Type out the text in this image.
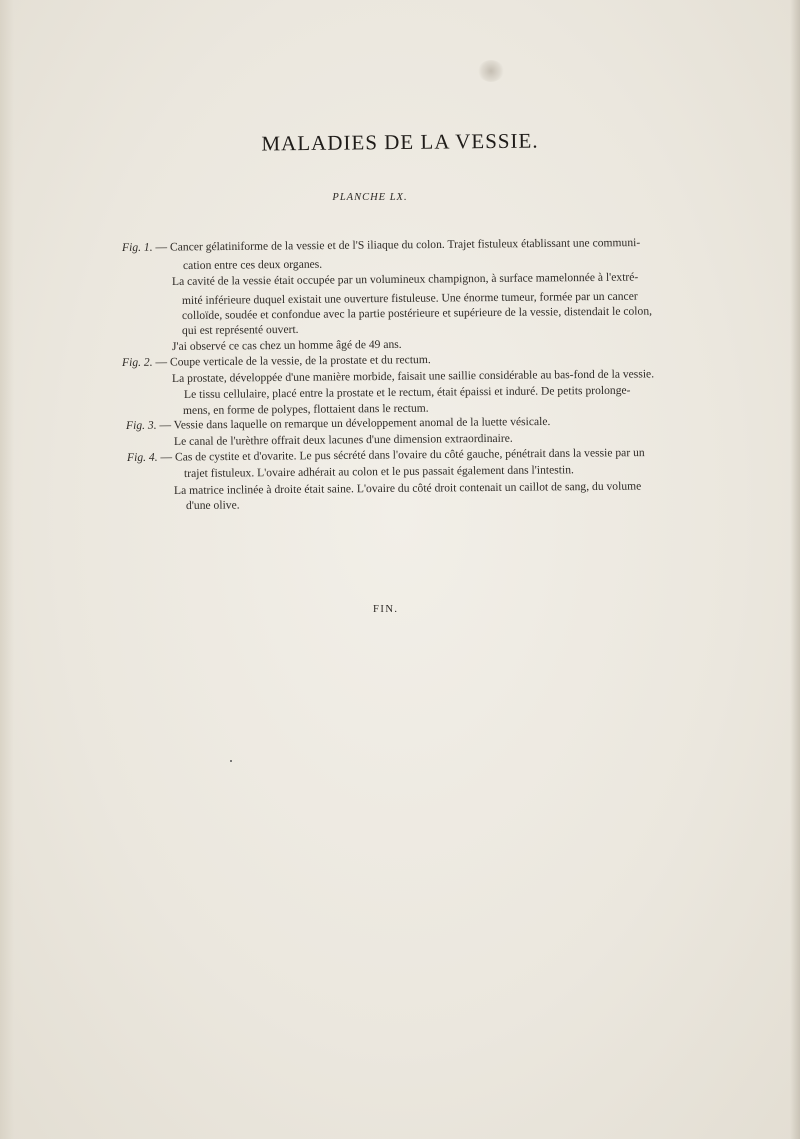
MALADIES DE LA VESSIE.
PLANCHE LX.
Fig. 1. — Cancer gélatiniforme de la vessie et de l'S iliaque du colon. Trajet fistuleux établissant une communi-
cation entre ces deux organes.
La cavité de la vessie était occupée par un volumineux champignon, à surface mamelonnée à l'extré-
mité inférieure duquel existait une ouverture fistuleuse. Une énorme tumeur, formée par un cancer
colloïde, soudée et confondue avec la partie postérieure et supérieure de la vessie, distendait le colon,
qui est représenté ouvert.
J'ai observé ce cas chez un homme âgé de 49 ans.
Fig. 2. — Coupe verticale de la vessie, de la prostate et du rectum.
La prostate, développée d'une manière morbide, faisait une saillie considérable au bas-fond de la vessie.
Le tissu cellulaire, placé entre la prostate et le rectum, était épaissi et induré. De petits prolonge-
mens, en forme de polypes, flottaient dans le rectum.
Fig. 3. — Vessie dans laquelle on remarque un développement anomal de la luette vésicale.
Le canal de l'urèthre offrait deux lacunes d'une dimension extraordinaire.
Fig. 4. — Cas de cystite et d'ovarite. Le pus sécrété dans l'ovaire du côté gauche, pénétrait dans la vessie par un
trajet fistuleux. L'ovaire adhérait au colon et le pus passait également dans l'intestin.
La matrice inclinée à droite était saine. L'ovaire du côté droit contenait un caillot de sang, du volume
d'une olive.
FIN.
